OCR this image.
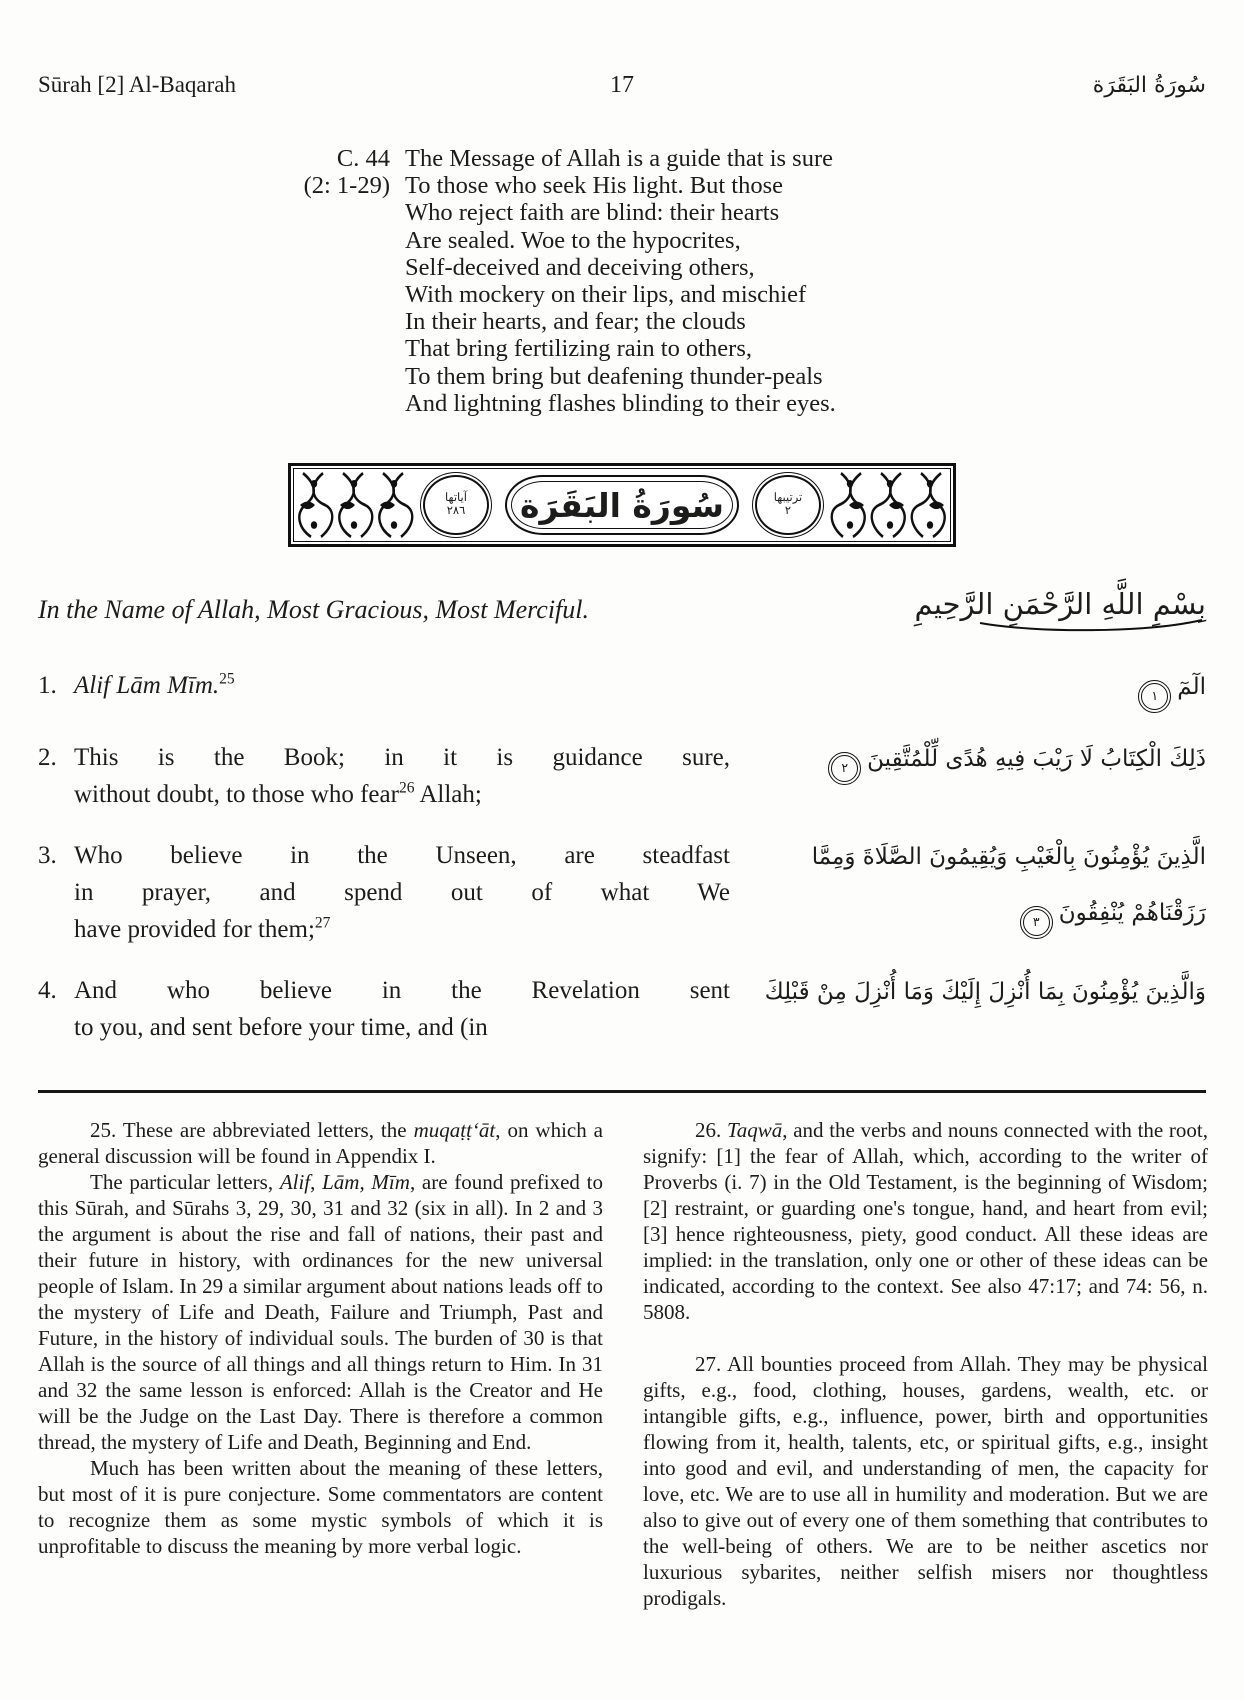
Sūrah [2] Al-Baqarah	17	سُورَةُ البَقَرَة
C. 44
(2: 1-29)
The Message of Allah is a guide that is sure
To those who seek His light. But those
Who reject faith are blind: their hearts
Are sealed. Woe to the hypocrites,
Self-deceived and deceiving others,
With mockery on their lips, and mischief
In their hearts, and fear; the clouds
That bring fertilizing rain to others,
To them bring but deafening thunder-peals
And lightning flashes blinding to their eyes.
آياتها
٢٨٦ سُورَةُ البَقَرَة	ترتيبها
٢
In the Name of Allah, Most Gracious, Most Merciful.	بِسْمِ اللَّهِ الرَّحْمَنِ الرَّحِيمِ
1. Alif Lām Mīm.$^{25}$	الٓمٓ١
2. This is the Book; in it is guidance sure,
without doubt, to those who fear$^{26}$ Allah;
ذَلِكَ الْكِتَابُ لَا رَيْبَ فِيهِ هُدًى لِّلْمُتَّقِينَ٢
3. Who believe in the Unseen, are steadfast
in prayer, and spend out of what We
have provided for them;$^{27}$
الَّذِينَ يُؤْمِنُونَ بِالْغَيْبِ وَيُقِيمُونَ الصَّلَاةَ وَمِمَّا رَزَقْنَاهُمْ يُنْفِقُونَ٣
4. And who believe in the Revelation sent
to you, and sent before your time, and (in
وَالَّذِينَ يُؤْمِنُونَ بِمَا أُنْزِلَ إِلَيْكَ وَمَا أُنْزِلَ مِنْ قَبْلِكَ

25. These are abbreviated letters, the muqaṭṭ‘āt, on which a general discussion will be found in Appendix I.

The particular letters, Alif, Lām, Mīm, are found prefixed to this Sūrah, and Sūrahs 3, 29, 30, 31 and 32 (six in all). In 2 and 3 the argument is about the rise and fall of nations, their past and their future in history, with ordinances for the new universal people of Islam. In 29 a similar argument about nations leads off to the mystery of Life and Death, Failure and Triumph, Past and Future, in the history of individual souls. The burden of 30 is that Allah is the source of all things and all things return to Him. In 31 and 32 the same lesson is enforced: Allah is the Creator and He will be the Judge on the Last Day. There is therefore a common thread, the mystery of Life and Death, Beginning and End.

Much has been written about the meaning of these letters, but most of it is pure conjecture. Some commentators are content to recognize them as some mystic symbols of which it is unprofitable to discuss the meaning by more verbal logic.

26. Taqwā, and the verbs and nouns connected with the root, signify: [1] the fear of Allah, which, according to the writer of Proverbs (i. 7) in the Old Testament, is the beginning of Wisdom; [2] restraint, or guarding one's tongue, hand, and heart from evil; [3] hence righteousness, piety, good conduct. All these ideas are implied: in the translation, only one or other of these ideas can be indicated, according to the context. See also 47:17; and 74: 56, n. 5808.

27. All bounties proceed from Allah. They may be physical gifts, e.g., food, clothing, houses, gardens, wealth, etc. or intangible gifts, e.g., influence, power, birth and opportunities flowing from it, health, talents, etc, or spiritual gifts, e.g., insight into good and evil, and understanding of men, the capacity for love, etc. We are to use all in humility and moderation. But we are also to give out of every one of them something that contributes to the well-being of others. We are to be neither ascetics nor luxurious sybarites, neither selfish misers nor thoughtless prodigals.
